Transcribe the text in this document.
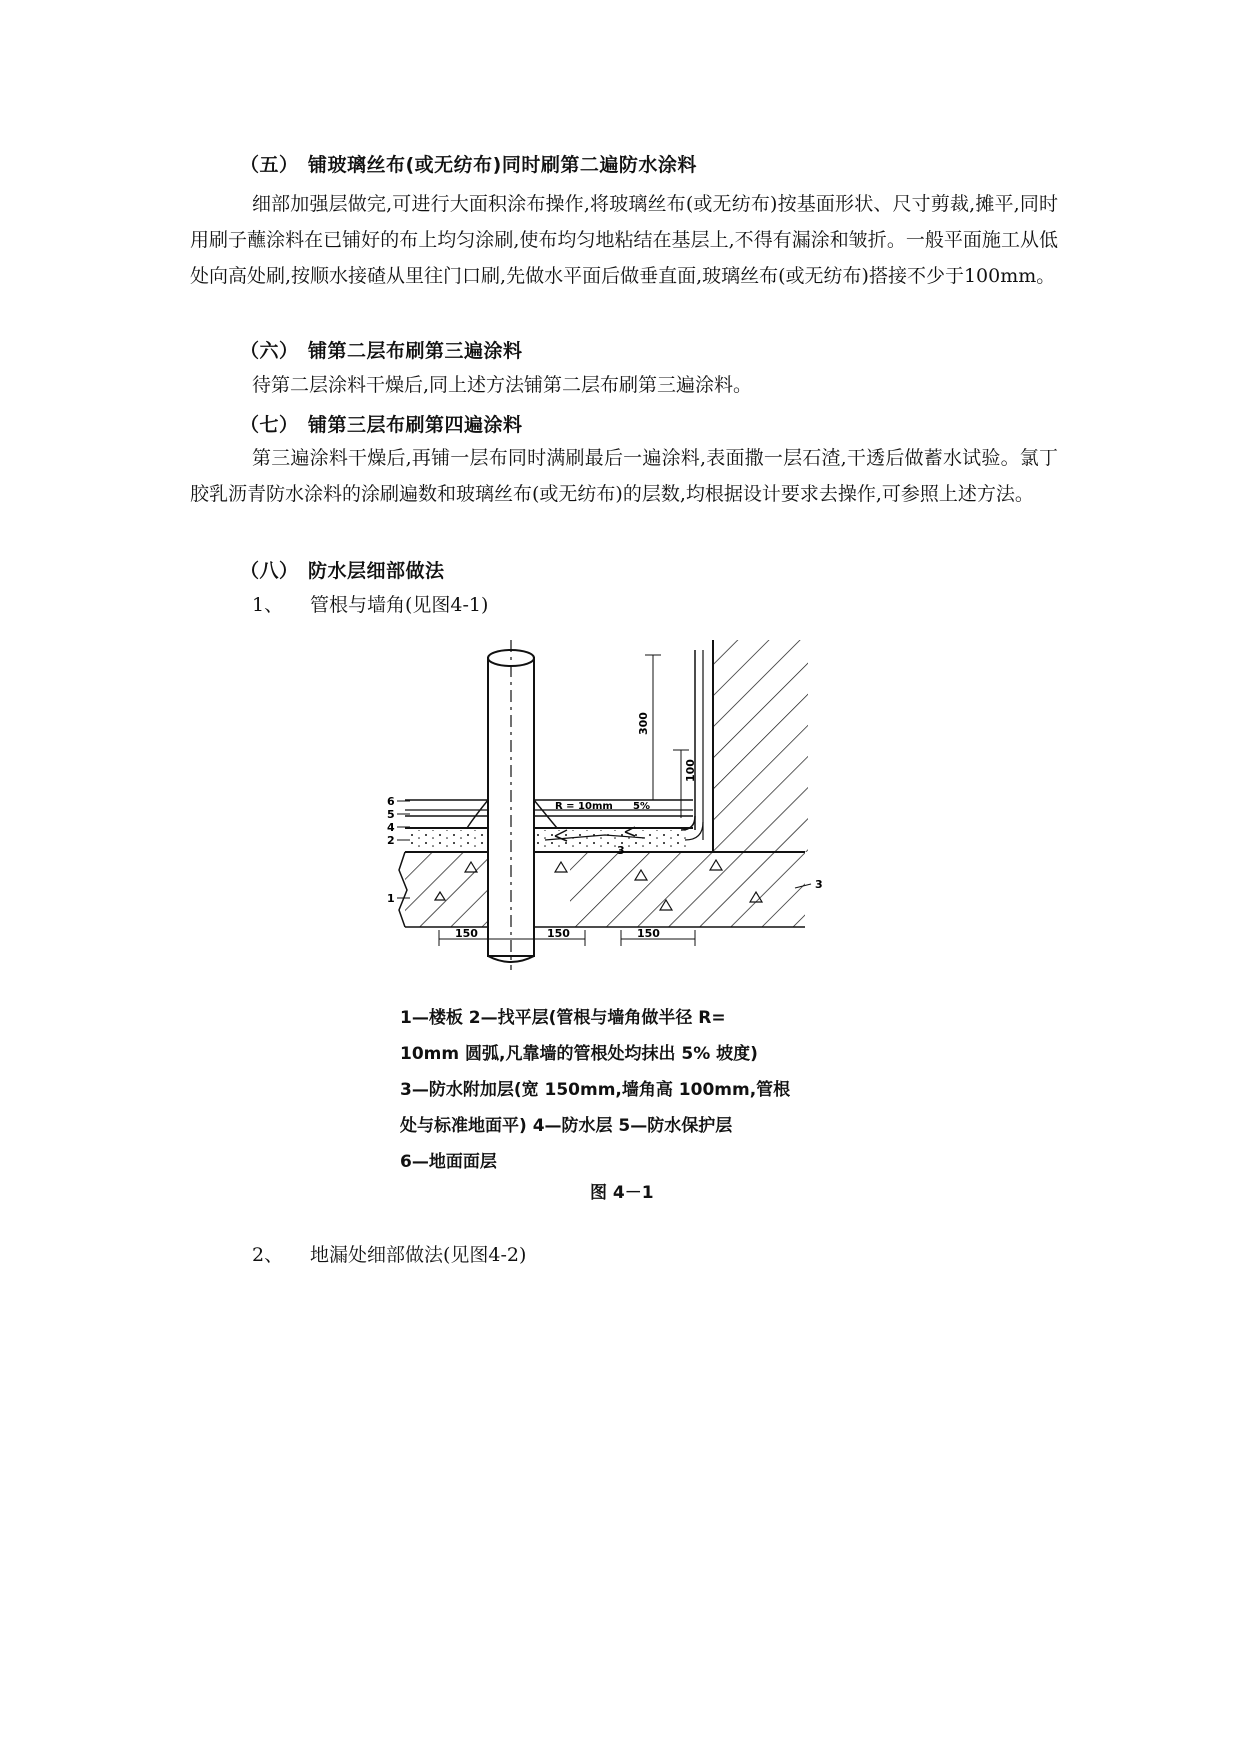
（五） 铺玻璃丝布(或无纺布)同时刷第二遍防水涂料
细部加强层做完,可进行大面积涂布操作,将玻璃丝布(或无纺布)按基面形状、尺寸剪裁,摊平,同时用刷子蘸涂料在已铺好的布上均匀涂刷,使布均匀地粘结在基层上,不得有漏涂和皱折。一般平面施工从低处向高处刷,按顺水接碴从里往门口刷,先做水平面后做垂直面,玻璃丝布(或无纺布)搭接不少于100mm。
（六） 铺第二层布刷第三遍涂料
待第二层涂料干燥后,同上述方法铺第二层布刷第三遍涂料。
（七） 铺第三层布刷第四遍涂料
第三遍涂料干燥后,再铺一层布同时满刷最后一遍涂料,表面撒一层石渣,干透后做蓄水试验。氯丁胶乳沥青防水涂料的涂刷遍数和玻璃丝布(或无纺布)的层数,均根据设计要求去操作,可参照上述方法。
（八） 防水层细部做法
1、 管根与墙角(见图4-1)
300
100
R = 10mm 5%
6
5
4
2
1
3
3
150	150	150
1—楼板 2—找平层(管根与墙角做半径 R=
10mm 圆弧,凡靠墙的管根处均抹出 5% 坡度)
3—防水附加层(宽 150mm,墙角高 100mm,管根
处与标准地面平) 4—防水层 5—防水保护层
6—地面面层
图 4－1
2、 地漏处细部做法(见图4-2)
